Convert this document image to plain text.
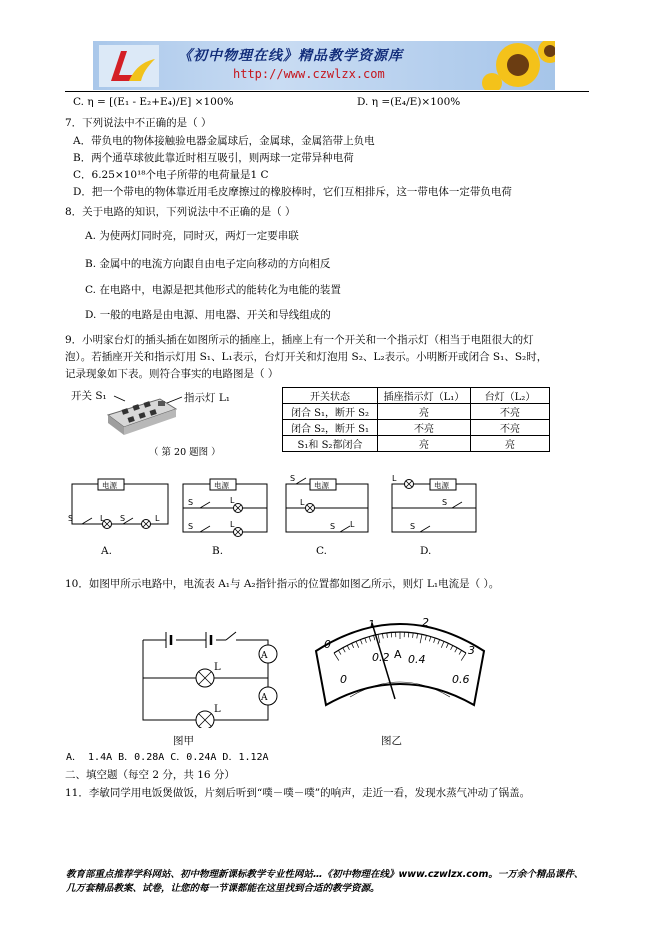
《初中物理在线》精品教学资源库
http://www.czwlzx.com
C. η = [(E₁ - E₂+E₄)/E] ×100%	D. η =(E₄/E)×100%
7．下列说法中不正确的是（ ）
A．带负电的物体接触验电器金属球后，金属球，金属箔带上负电
B．两个通草球彼此靠近时相互吸引，则两球一定带异种电荷
C．6.25×10¹⁸个电子所带的电荷量是1 C
D．把一个带电的物体靠近用毛皮摩擦过的橡胶棒时，它们互相排斥，这一带电体一定带负电荷
8．关于电路的知识，下列说法中不正确的是（ ）
A. 为使两灯同时亮，同时灭，两灯一定要串联
B. 金属中的电流方向跟自由电子定向移动的方向相反
C. 在电路中，电源是把其他形式的能转化为电能的装置
D. 一般的电路是由电源、用电器、开关和导线组成的
9．小明家台灯的插头插在如图所示的插座上，插座上有一个开关和一个指示灯（相当于电阻很大的灯
泡）。若插座开关和指示灯用 S₁、L₁表示，台灯开关和灯泡用 S₂、L₂表示。小明断开或闭合 S₁、S₂时，
记录现象如下表。则符合事实的电路图是（ ）
开关 S₁	指示灯 L₁
（ 第 20 题图 ）
开关状态	插座指示灯（L₁）	台灯（L₂）
闭合 S₁，断开 S₂	亮	不亮
闭合 S₂，断开 S₁	不亮	不亮
S₁和 S₂都闭合	亮	亮
电源	电源	电源	电源
S	L S	L
S	L
S	L
S
L
S L
L
S
S
A.	B.	C.	D.
10．如图甲所示电路中，电流表 A₁与 A₂指针指示的位置都如图乙所示，则灯 L₁电流是（ ）。
L
L
A
A
图甲
0
1	2
3
0
0.2 0.4
0.6
A
图乙
A． 1.4A B．0.28A C．0.24A D．1.12A
二、填空题（每空 2 分，共 16 分）
11．李敏同学用电饭煲做饭，片刻后听到“噗－噗－噗”的响声，走近一看，发现水蒸气冲动了锅盖。
教育部重点推荐学科网站、初中物理新课标教学专业性网站…《初中物理在线》www.czwlzx.com。一万余个精品课件、
几万套精品教案、试卷，让您的每一节课都能在这里找到合适的教学资源。
